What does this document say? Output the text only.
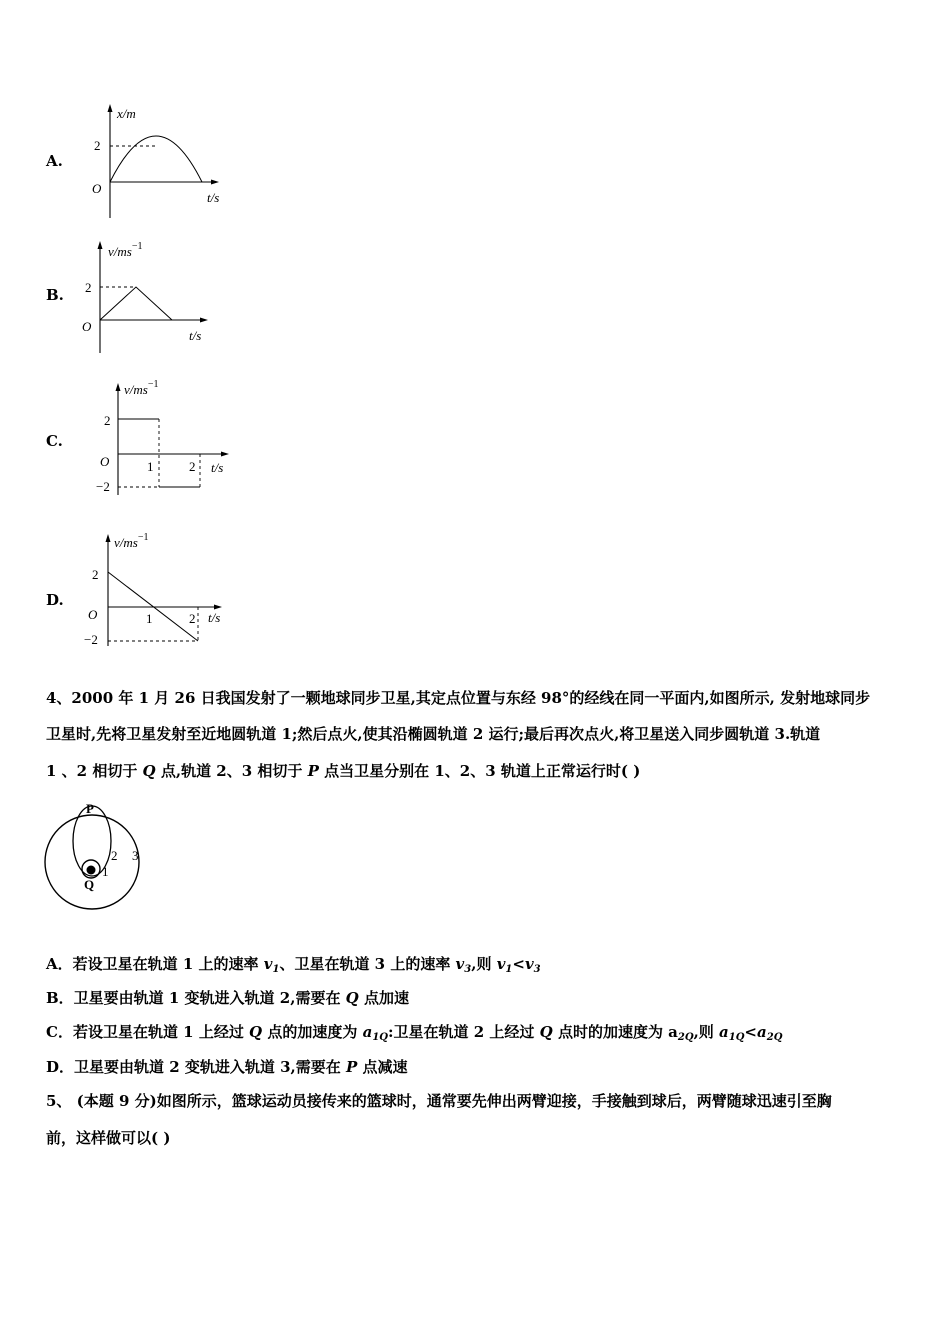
A.
x/m
2
O
t/s
B.
$v/ms^{-1}$
2
O
t/s
C.
$v/ms^{-1}$
2
−2
O	1	2 t/s
D.
$v/ms^{-1}$
2
−2
O	1	2 t/s
4、2000 年 1 月 26 日我国发射了一颗地球同步卫星,其定点位置与东经 98°的经线在同一平面内,如图所示, 发射地球同步
卫星时,先将卫星发射至近地圆轨道 1;然后点火,使其沿椭圆轨道 2 运行;最后再次点火,将卫星送入同步圆轨道 3.轨道
1 、2 相切于 Q 点,轨道 2、3 相切于 P 点当卫星分别在 1、2、3 轨道上正常运行时( )
P
Q
1
2 3
A．若设卫星在轨道 1 上的速率 $v_1$、卫星在轨道 3 上的速率 $v_3$,则 $v_1<v_3$
B．卫星要由轨道 1 变轨进入轨道 2,需要在 Q 点加速
C．若设卫星在轨道 1 上经过 Q 点的加速度为 $a_{1Q}$:卫星在轨道 2 上经过 Q 点时的加速度为 $a_{2Q}$,则 $a_{1Q}<a_{2Q}$
D．卫星要由轨道 2 变轨进入轨道 3,需要在 P 点减速
5、 (本题 9 分)如图所示，篮球运动员接传来的篮球时，通常要先伸出两臂迎接，手接触到球后，两臂随球迅速引至胸
前，这样做可以( )
